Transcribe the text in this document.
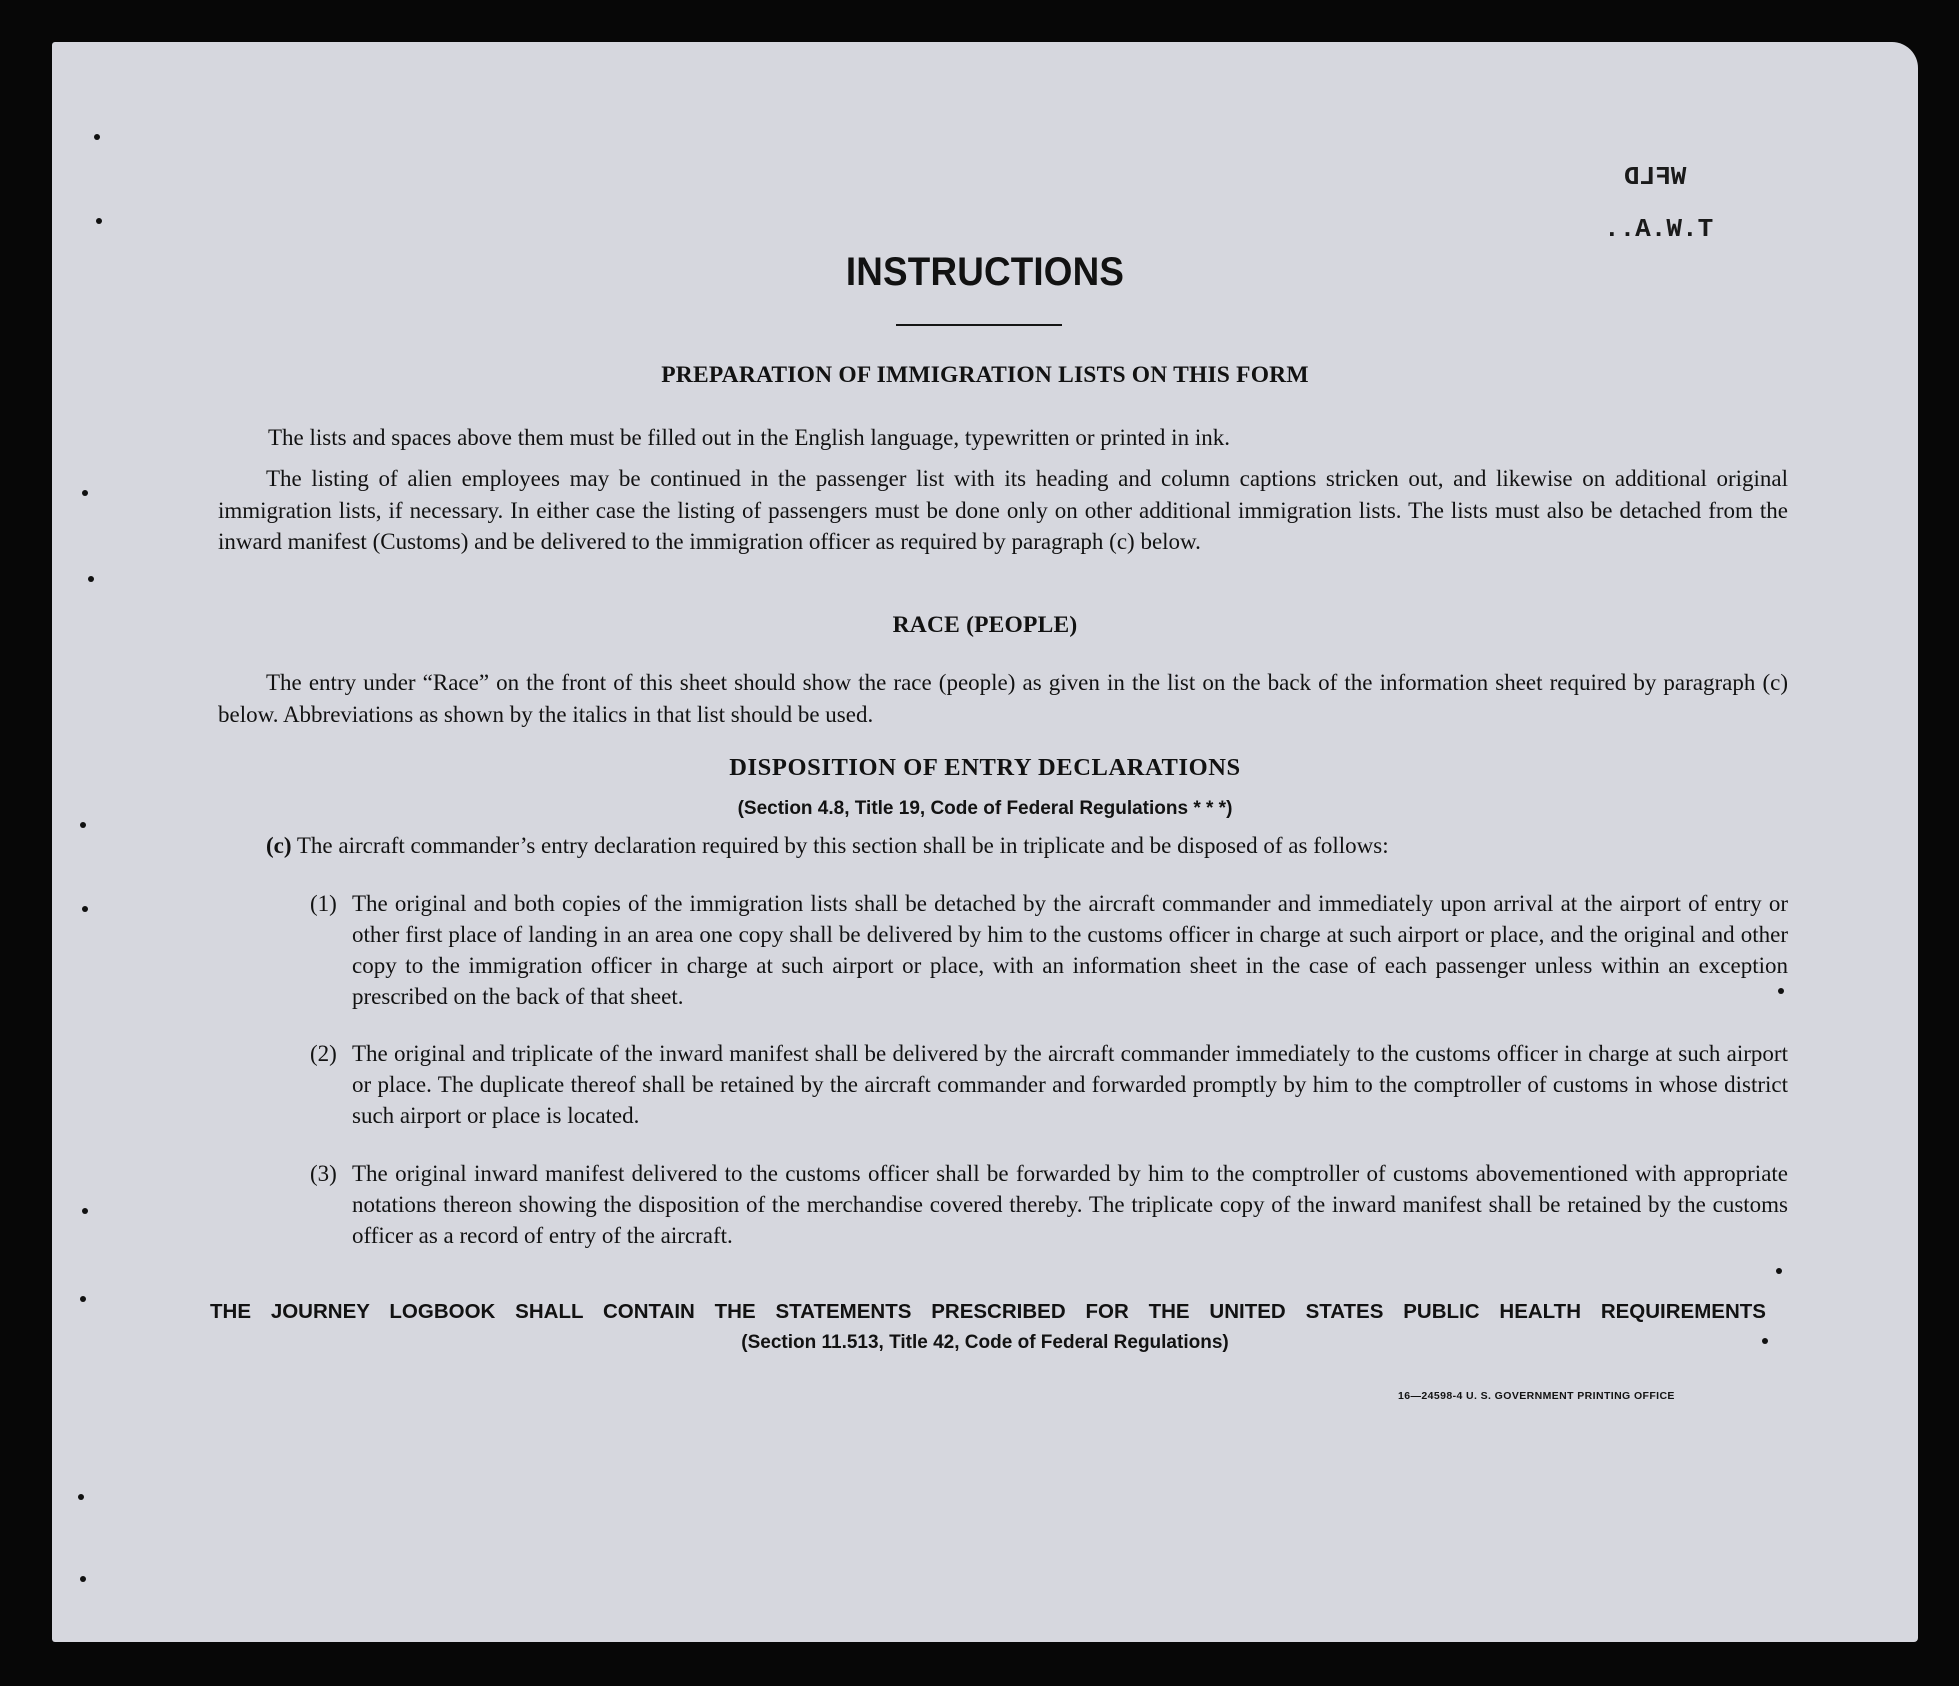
WFLD
T.W.A..
INSTRUCTIONS
PREPARATION OF IMMIGRATION LISTS ON THIS FORM
The lists and spaces above them must be filled out in the English language, typewritten or printed in ink.
The listing of alien employees may be continued in the passenger list with its heading and column captions stricken out, and likewise on additional original immigration lists, if necessary. In either case the listing of passengers must be done only on other additional immigration lists. The lists must also be detached from the inward manifest (Customs) and be delivered to the immigration officer as required by paragraph (c) below.
RACE (PEOPLE)
The entry under “Race” on the front of this sheet should show the race (people) as given in the list on the back of the information sheet required by paragraph (c) below. Abbreviations as shown by the italics in that list should be used.
DISPOSITION OF ENTRY DECLARATIONS
(Section 4.8, Title 19, Code of Federal Regulations * * *)
(c) The aircraft commander’s entry declaration required by this section shall be in triplicate and be disposed of as follows:
(1) The original and both copies of the immigration lists shall be detached by the aircraft commander and immediately upon arrival at the airport of entry or other first place of landing in an area one copy shall be delivered by him to the customs officer in charge at such airport or place, and the original and other copy to the immigration officer in charge at such airport or place, with an information sheet in the case of each passenger unless within an exception prescribed on the back of that sheet.
(2) The original and triplicate of the inward manifest shall be delivered by the aircraft commander immediately to the customs officer in charge at such airport or place. The duplicate thereof shall be retained by the aircraft commander and forwarded promptly by him to the comptroller of customs in whose district such airport or place is located.
(3) The original inward manifest delivered to the customs officer shall be forwarded by him to the comptroller of customs abovementioned with appropriate notations thereon showing the disposition of the merchandise covered thereby. The triplicate copy of the inward manifest shall be retained by the customs officer as a record of entry of the aircraft.
THE JOURNEY LOGBOOK SHALL CONTAIN THE STATEMENTS PRESCRIBED FOR THE UNITED STATES PUBLIC HEALTH REQUIREMENTS
(Section 11.513, Title 42, Code of Federal Regulations)
16—24598-4 U. S. GOVERNMENT PRINTING OFFICE
